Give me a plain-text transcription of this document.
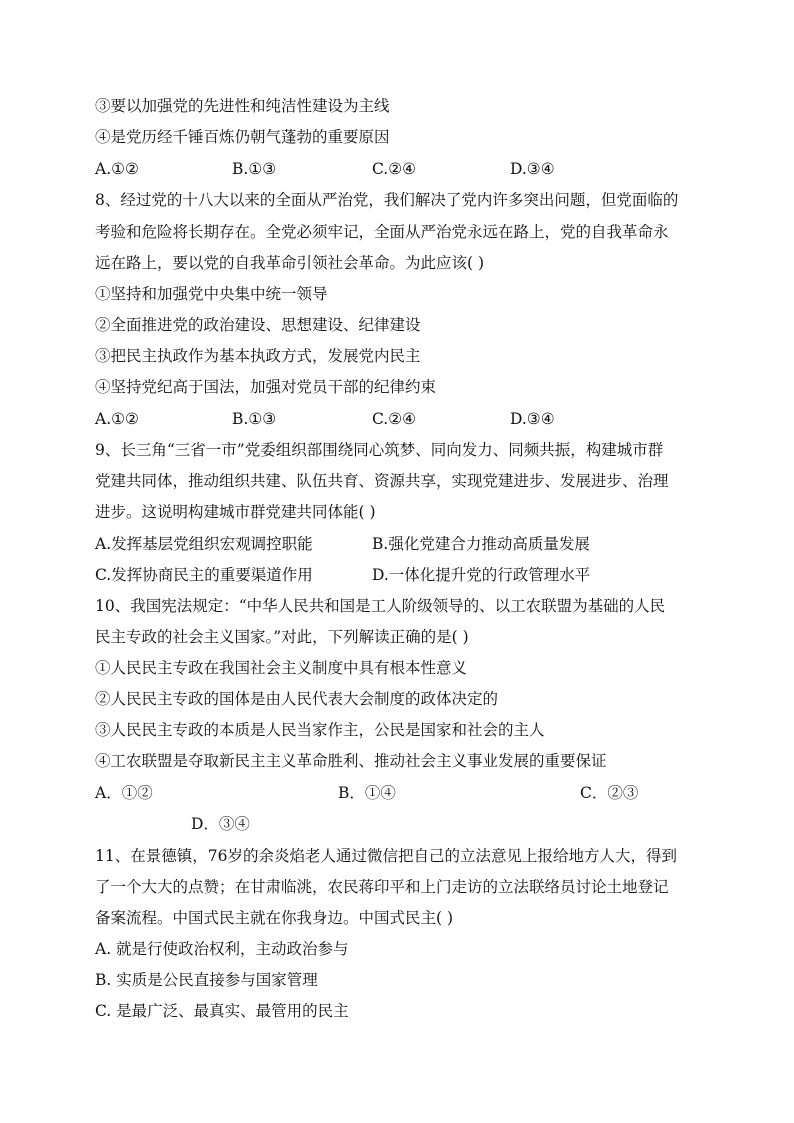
③要以加强党的先进性和纯洁性建设为主线
④是党历经千锤百炼仍朝气蓬勃的重要原因
A.①②	B.①③	C.②④	D.③④
8、经过党的十八大以来的全面从严治党，我们解决了党内许多突出问题，但党面临的
考验和危险将长期存在。全党必须牢记，全面从严治党永远在路上，党的自我革命永
远在路上，要以党的自我革命引领社会革命。为此应该( )
①坚持和加强党中央集中统一领导
②全面推进党的政治建设、思想建设、纪律建设
③把民主执政作为基本执政方式，发展党内民主
④坚持党纪高于国法，加强对党员干部的纪律约束
A.①②	B.①③	C.②④	D.③④
9、长三角“三省一市”党委组织部围绕同心筑梦、同向发力、同频共振，构建城市群
党建共同体，推动组织共建、队伍共育、资源共享，实现党建进步、发展进步、治理
进步。这说明构建城市群党建共同体能( )
A.发挥基层党组织宏观调控职能	B.强化党建合力推动高质量发展
C.发挥协商民主的重要渠道作用	D.一体化提升党的行政管理水平
10、我国宪法规定：“中华人民共和国是工人阶级领导的、以工农联盟为基础的人民
民主专政的社会主义国家。”对此，下列解读正确的是( )
①人民民主专政在我国社会主义制度中具有根本性意义
②人民民主专政的国体是由人民代表大会制度的政体决定的
③人民民主专政的本质是人民当家作主，公民是国家和社会的主人
④工农联盟是夺取新民主主义革命胜利、推动社会主义事业发展的重要保证
A．①②	B．①④	C．②③
D．③④
11、在景德镇，76岁的余炎焰老人通过微信把自己的立法意见上报给地方人大，得到
了一个大大的点赞；在甘肃临洮，农民蒋印平和上门走访的立法联络员讨论土地登记
备案流程。中国式民主就在你我身边。中国式民主( )
A. 就是行使政治权利，主动政治参与
B. 实质是公民直接参与国家管理
C. 是最广泛、最真实、最管用的民主
